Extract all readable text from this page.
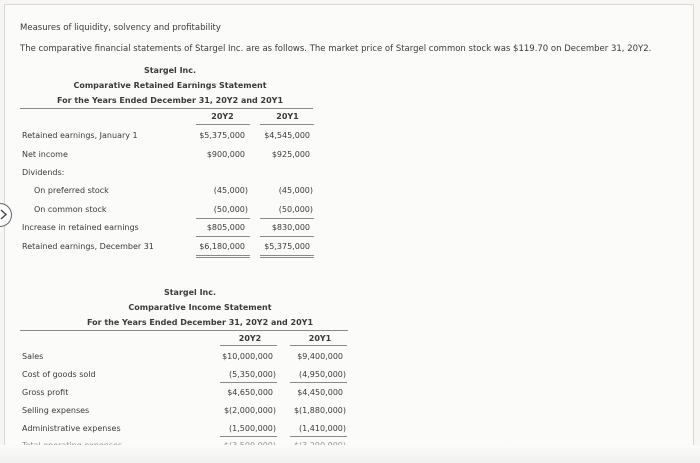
Measures of liquidity, solvency and profitability
The comparative financial statements of Stargel Inc. are as follows. The market price of Stargel common stock was $119.70 on December 31, 20Y2.
Stargel Inc.
Comparative Retained Earnings Statement
For the Years Ended December 31, 20Y2 and 20Y1
20Y2	20Y1
Retained earnings, January 1	$5,375,000	$4,545,000
Net income	$900,000	$925,000
Dividends:
On preferred stock	(45,000)	(45,000)
On common stock	(50,000)	(50,000)
Increase in retained earnings	$805,000	$830,000
Retained earnings, December 31	$6,180,000	$5,375,000
Stargel Inc.
Comparative Income Statement
For the Years Ended December 31, 20Y2 and 20Y1
20Y2	20Y1
Sales	$10,000,000	$9,400,000
Cost of goods sold	(5,350,000)	(4,950,000)
Gross profit	$4,650,000	$4,450,000
Selling expenses	$(2,000,000)	$(1,880,000)
Administrative expenses	(1,500,000)	(1,410,000)
